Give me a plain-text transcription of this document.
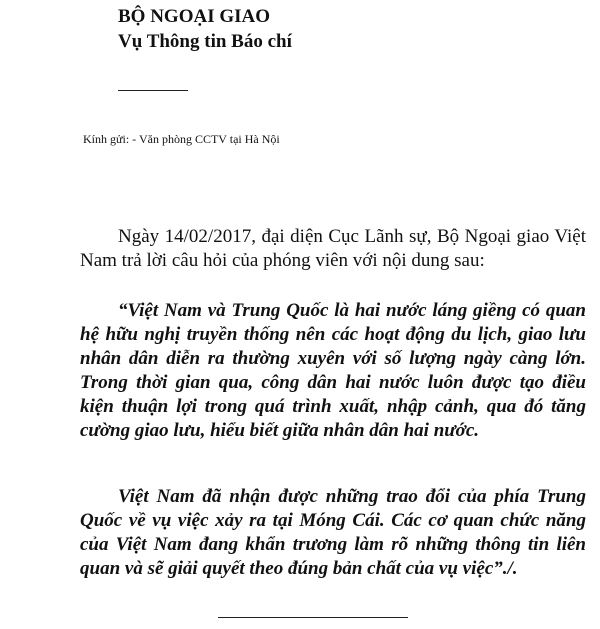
BỘ NGOẠI GIAO
Vụ Thông tin Báo chí
Kính gửi: - Văn phòng CCTV tại Hà Nội

Ngày 14/02/2017, đại diện Cục Lãnh sự, Bộ Ngoại giao Việt Nam trả lời câu hỏi của phóng viên với nội dung sau:

“Việt Nam và Trung Quốc là hai nước láng giềng có quan hệ hữu nghị truyền thống nên các hoạt động du lịch, giao lưu nhân dân diễn ra thường xuyên với số lượng ngày càng lớn. Trong thời gian qua, công dân hai nước luôn được tạo điều kiện thuận lợi trong quá trình xuất, nhập cảnh, qua đó tăng cường giao lưu, hiểu biết giữa nhân dân hai nước.

Việt Nam đã nhận được những trao đổi của phía Trung Quốc về vụ việc xảy ra tại Móng Cái. Các cơ quan chức năng của Việt Nam đang khẩn trương làm rõ những thông tin liên quan và sẽ giải quyết theo đúng bản chất của vụ việc”./.
